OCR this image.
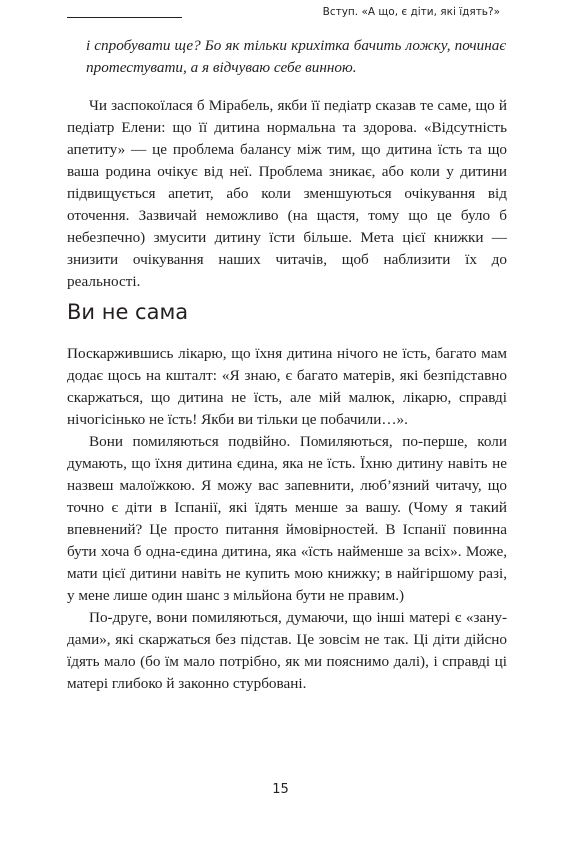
Вступ. «А що, є діти, які їдять?»
і спробувати ще? Бо як тільки крихітка бачить ложку, починає протестувати, а я відчуваю себе винною.

Чи заспокоїлася б Мірабель, якби її педіатр сказав те саме, що й педіатр Елени: що її дитина нормальна та здорова. «Відсутність апетиту» — це проблема балансу між тим, що дитина їсть та що ваша родина очікує від неї. Проблема зникає, або коли у дитини підвищується апетит, або коли зменшуються очікування від оточення. Зазвичай неможливо (на щастя, тому що це було б небезпечно) змусити дитину їсти більше. Мета цієї книжки — знизити очікування наших читачів, щоб наблизити їх до реальності.

Ви не сама

Поскаржившись лікарю, що їхня дитина нічого не їсть, багато мам додає щось на кшталт: «Я знаю, є багато матерів, які безпідставно скаржаться, що дитина не їсть, але мій малюк, лікарю, справді нічогісінько не їсть! Якби ви тільки це побачили…».

Вони помиляються подвійно. Помиляються, по-перше, коли думають, що їхня дитина єдина, яка не їсть. Їхню дитину навіть не назвеш малоїжкою. Я можу вас запевнити, люб’язний читачу, що точно є діти в Іспанії, які їдять менше за вашу. (Чому я такий впевнений? Це просто питання ймовірностей. В Іспанії повинна бути хоча б одна-єдина дитина, яка «їсть найменше за всіх». Може, мати цієї дитини навіть не купить мою книжку; в найгіршому разі, у мене лише один шанс з мільйона бути не правим.)

По-друге, вони помиляються, думаючи, що інші матері є «занудами», які скаржаться без підстав. Це зовсім не так. Ці діти дійсно їдять мало (бо їм мало потрібно, як ми пояснимо далі), і справді ці матері глибоко й законно стурбовані.

15
